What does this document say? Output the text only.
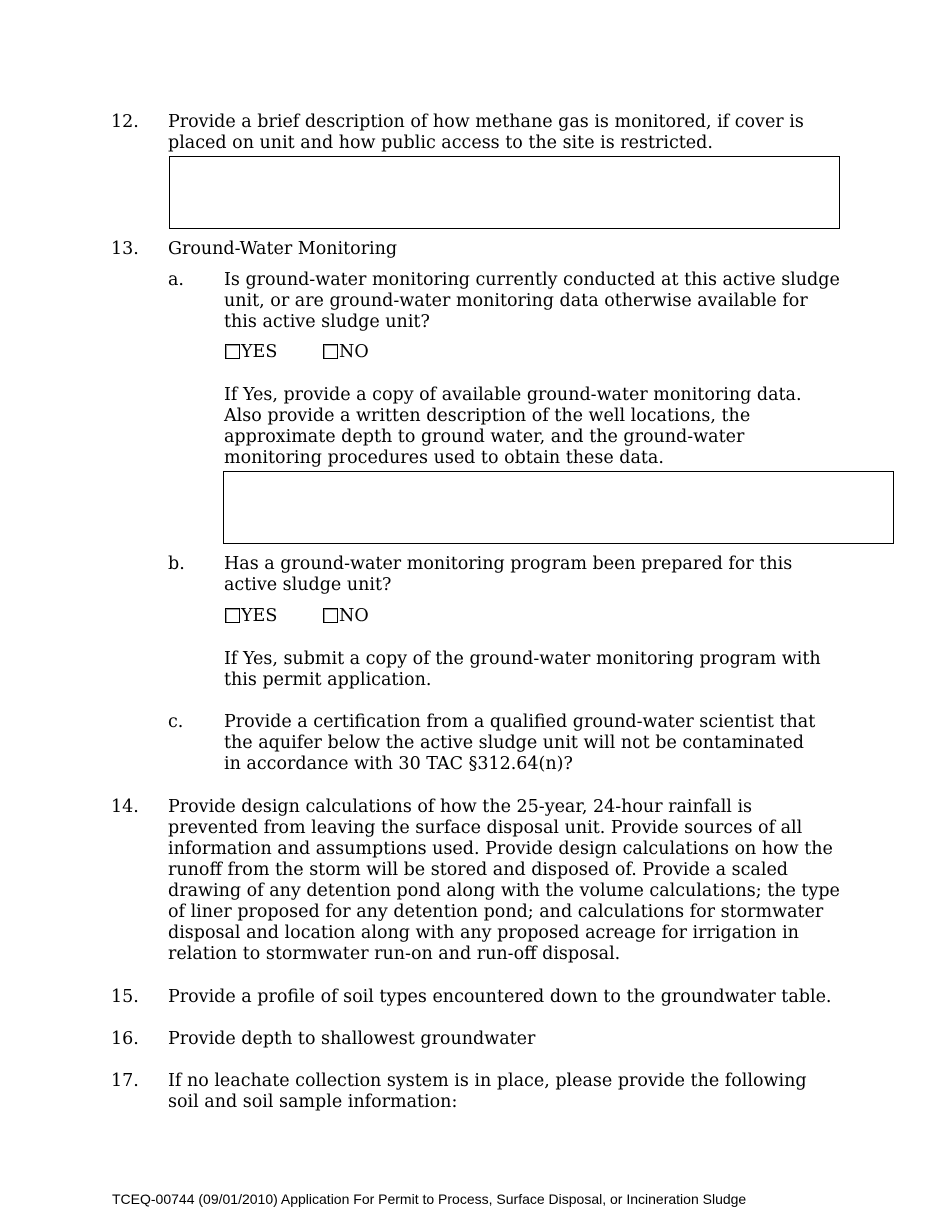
12. Provide a brief description of how methane gas is monitored, if cover is placed on unit and how public access to the site is restricted.
13. Ground-Water Monitoring
a. Is ground-water monitoring currently conducted at this active sludge unit, or are ground-water monitoring data otherwise available for this active sludge unit?
YES	NO
If Yes, provide a copy of available ground-water monitoring data. Also provide a written description of the well locations, the approximate depth to ground water, and the ground-water monitoring procedures used to obtain these data.
b. Has a ground-water monitoring program been prepared for this active sludge unit?
YES	NO
If Yes, submit a copy of the ground-water monitoring program with this permit application.
c. Provide a certification from a qualified ground-water scientist that the aquifer below the active sludge unit will not be contaminated in accordance with 30 TAC §312.64(n)?
14. Provide design calculations of how the 25-year, 24-hour rainfall is prevented from leaving the surface disposal unit. Provide sources of all information and assumptions used. Provide design calculations on how the runoff from the storm will be stored and disposed of. Provide a scaled drawing of any detention pond along with the volume calculations; the type of liner proposed for any detention pond; and calculations for stormwater disposal and location along with any proposed acreage for irrigation in relation to stormwater run-on and run-off disposal.
15. Provide a profile of soil types encountered down to the groundwater table.
16. Provide depth to shallowest groundwater
17. If no leachate collection system is in place, please provide the following soil and soil sample information:
TCEQ-00744 (09/01/2010) Application For Permit to Process, Surface Disposal, or Incineration Sludge
